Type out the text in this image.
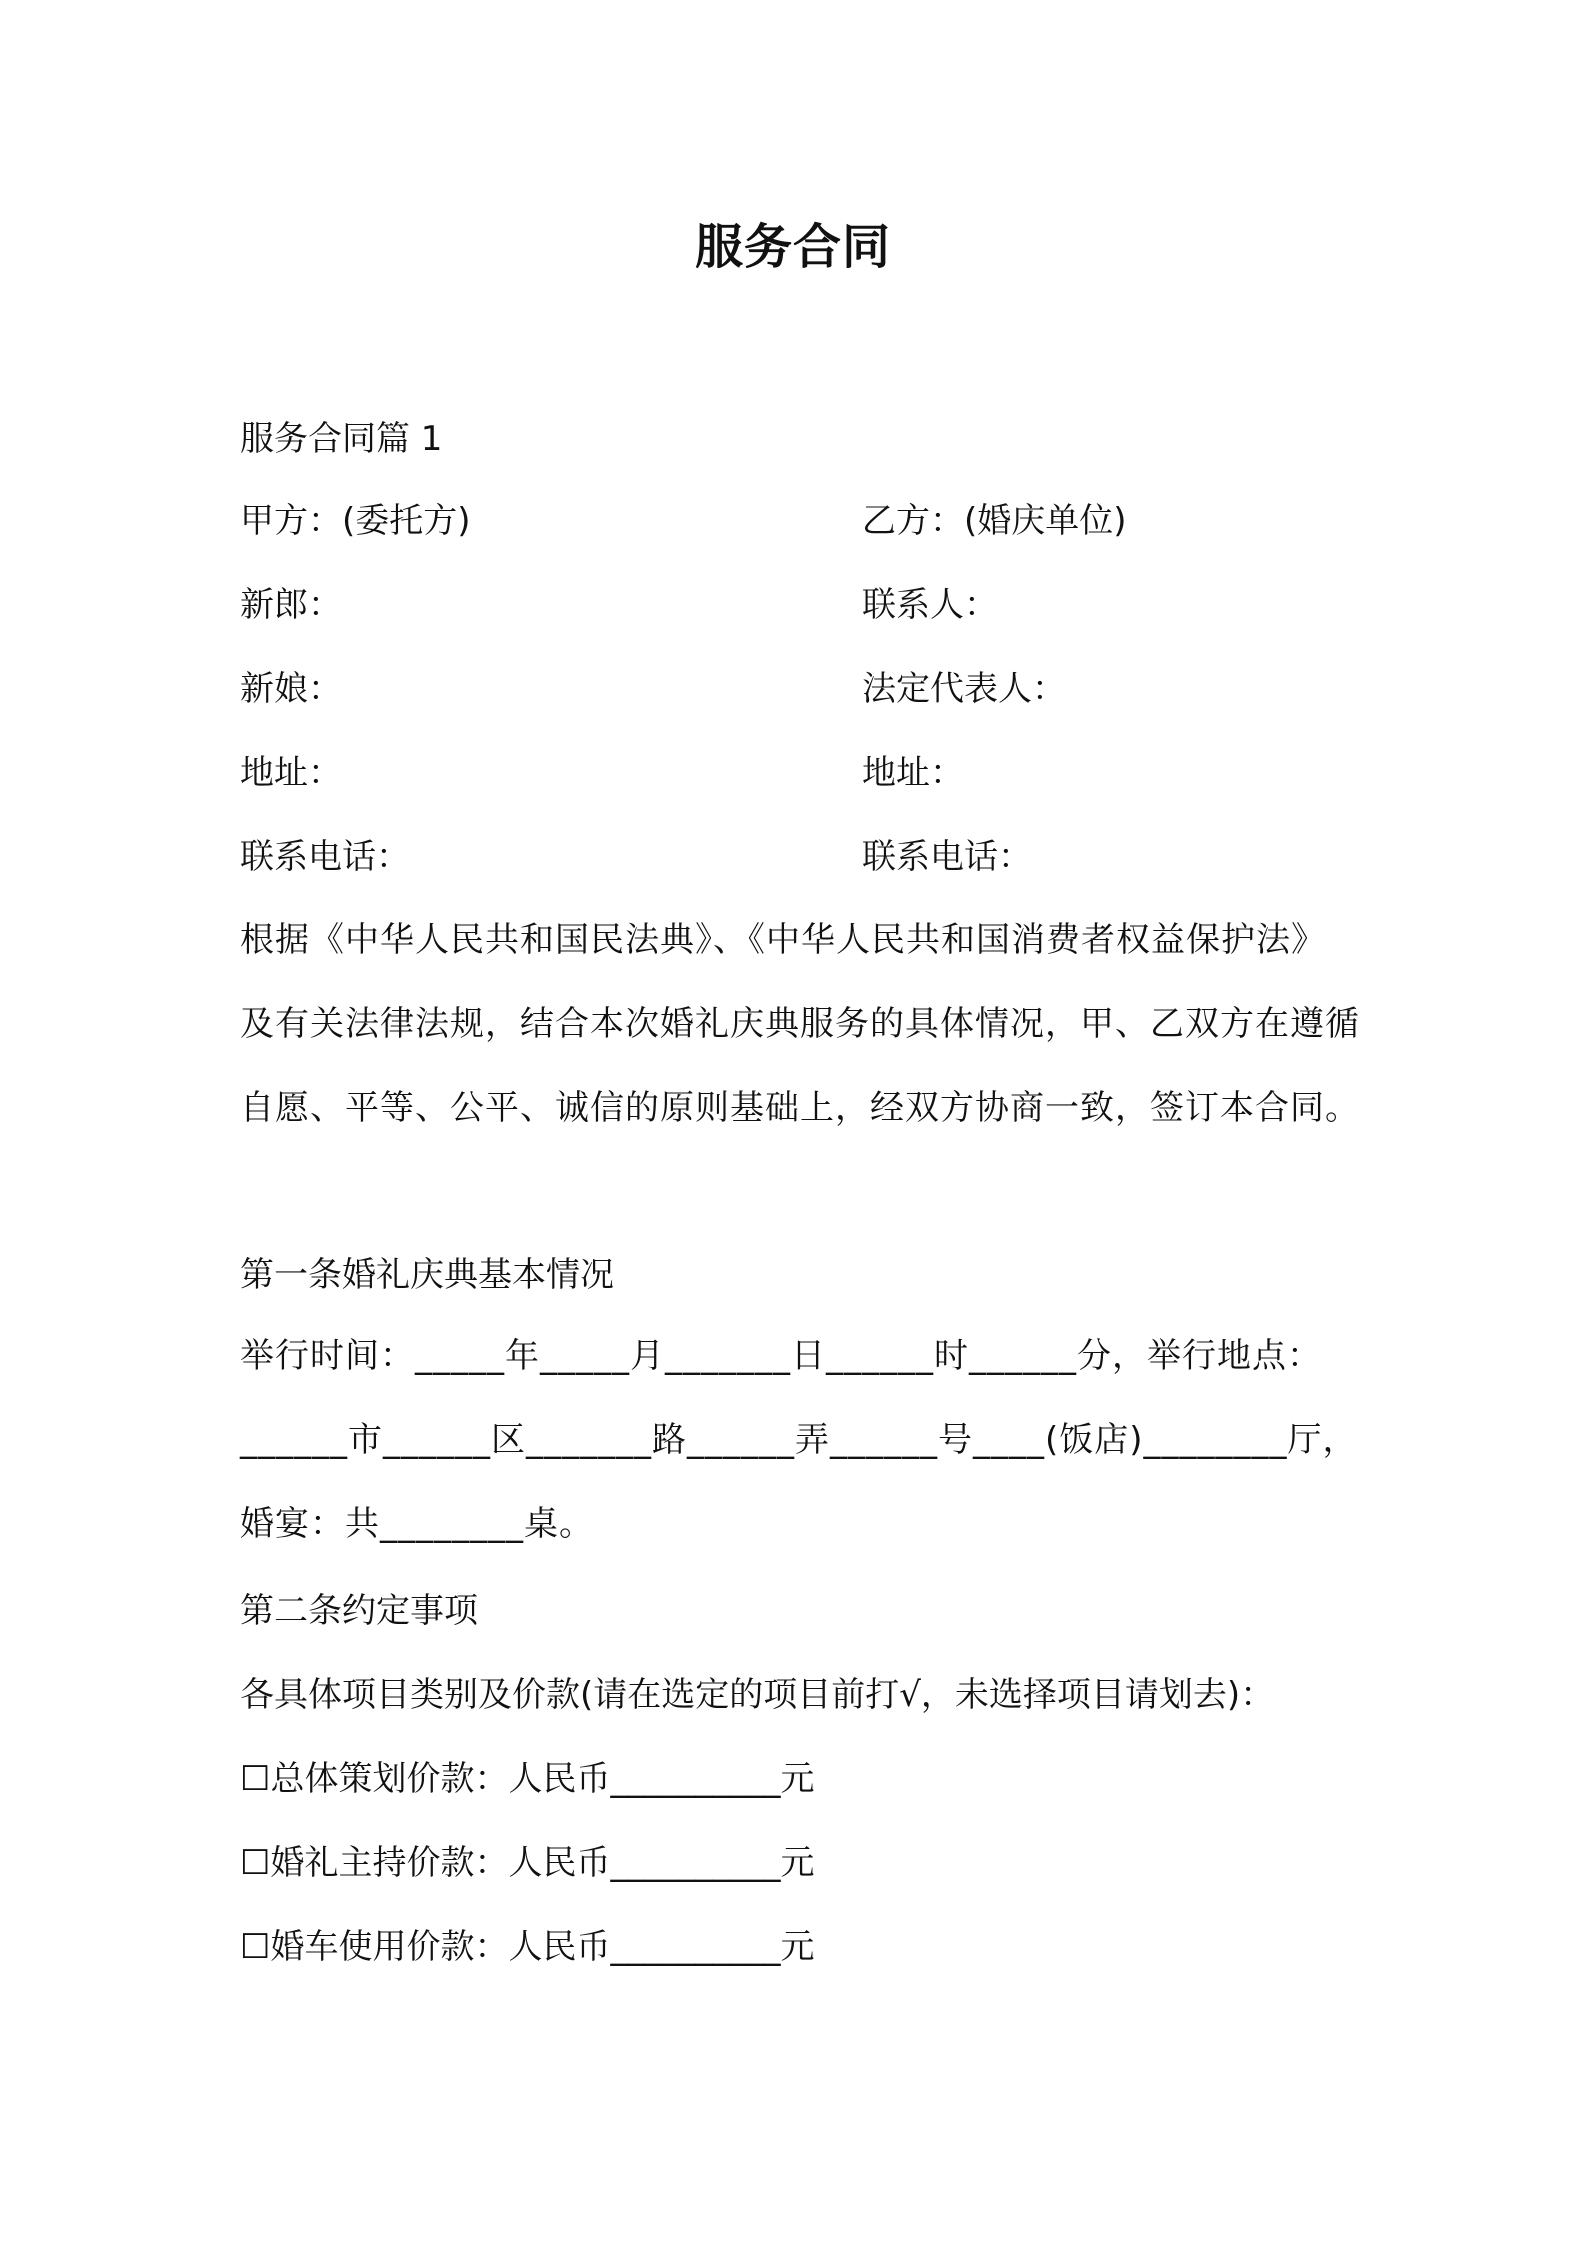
服务合同
服务合同篇 1
甲方：(委托方)	乙方：(婚庆单位)
新郎：	联系人：
新娘：	法定代表人：
地址：	地址：
联系电话：	联系电话：
根据《中华人民共和国民法典》、《中华人民共和国消费者权益保护法》及有关法律法规，结合本次婚礼庆典服务的具体情况，甲、乙双方在遵循自愿、平等、公平、诚信的原则基础上，经双方协商一致，签订本合同。
第一条婚礼庆典基本情况
举行时间：_____年_____月_______日______时______分，举行地点：______市______区_______路______弄______号____(饭店)________厅，婚宴：共________桌。
第二条约定事项
各具体项目类别及价款(请在选定的项目前打√，未选择项目请划去)：
☐总体策划价款：人民币__________元
☐婚礼主持价款：人民币__________元
☐婚车使用价款：人民币__________元
